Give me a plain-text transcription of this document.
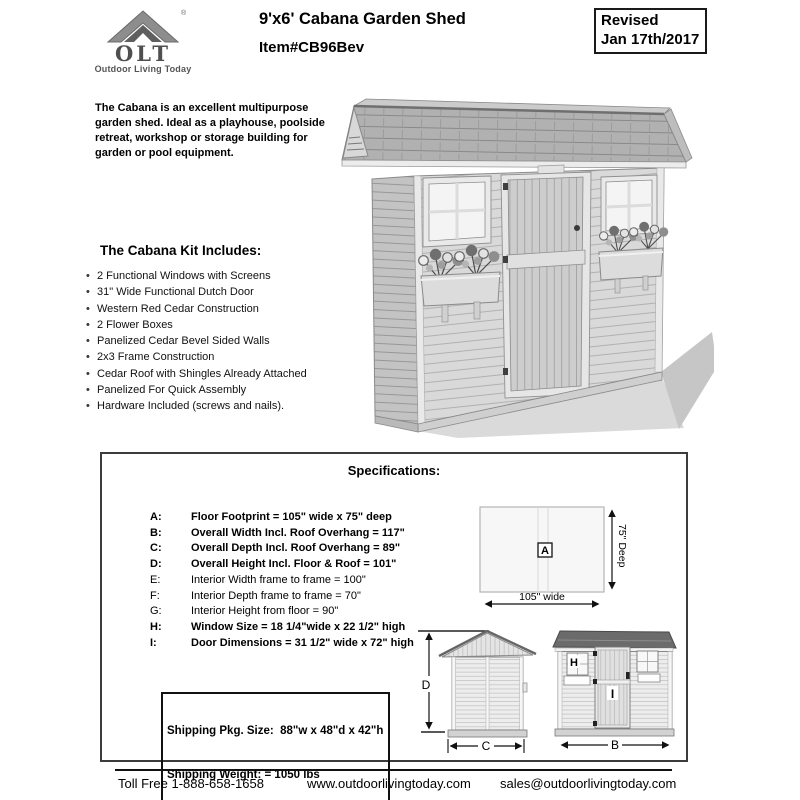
®
OLT
Outdoor Living Today
9'x6' Cabana Garden Shed
Item#CB96Bev
Revised
Jan 17th/2017
The Cabana is an excellent multipurpose garden shed. Ideal as a playhouse, poolside retreat, workshop or storage building for garden or pool equipment.
The Cabana Kit Includes:
• 2 Functional Windows with Screens
• 31" Wide Functional Dutch Door
• Western Red Cedar Construction
• 2 Flower Boxes
• Panelized Cedar Bevel Sided Walls
• 2x3 Frame Construction
• Cedar Roof with Shingles Already Attached
• Panelized For Quick Assembly
• Hardware Included (screws and nails).
Specifications:
A:	Floor Footprint = 105" wide x 75" deep
B:	Overall Width Incl. Roof Overhang = 117"
C:	Overall Depth Incl. Roof Overhang = 89"
D:	Overall Height Incl. Floor & Roof = 101"
E:	Interior Width frame to frame = 100"
F:	Interior Depth frame to frame = 70"
G:	Interior Height from floor = 90"
H:	Window Size = 18 1/4"wide x 22 1/2" high
I:	Door Dimensions = 31 1/2" wide x 72" high

Shipping Pkg. Size:  88"w x 48"d x 42"h

Shipping Weight: = 1050 lbs

A	75" Deep
105" wide
D
C
H
I
B
Toll Free 1-888-658-1658	www.outdoorlivingtoday.com sales@outdoorlivingtoday.com
